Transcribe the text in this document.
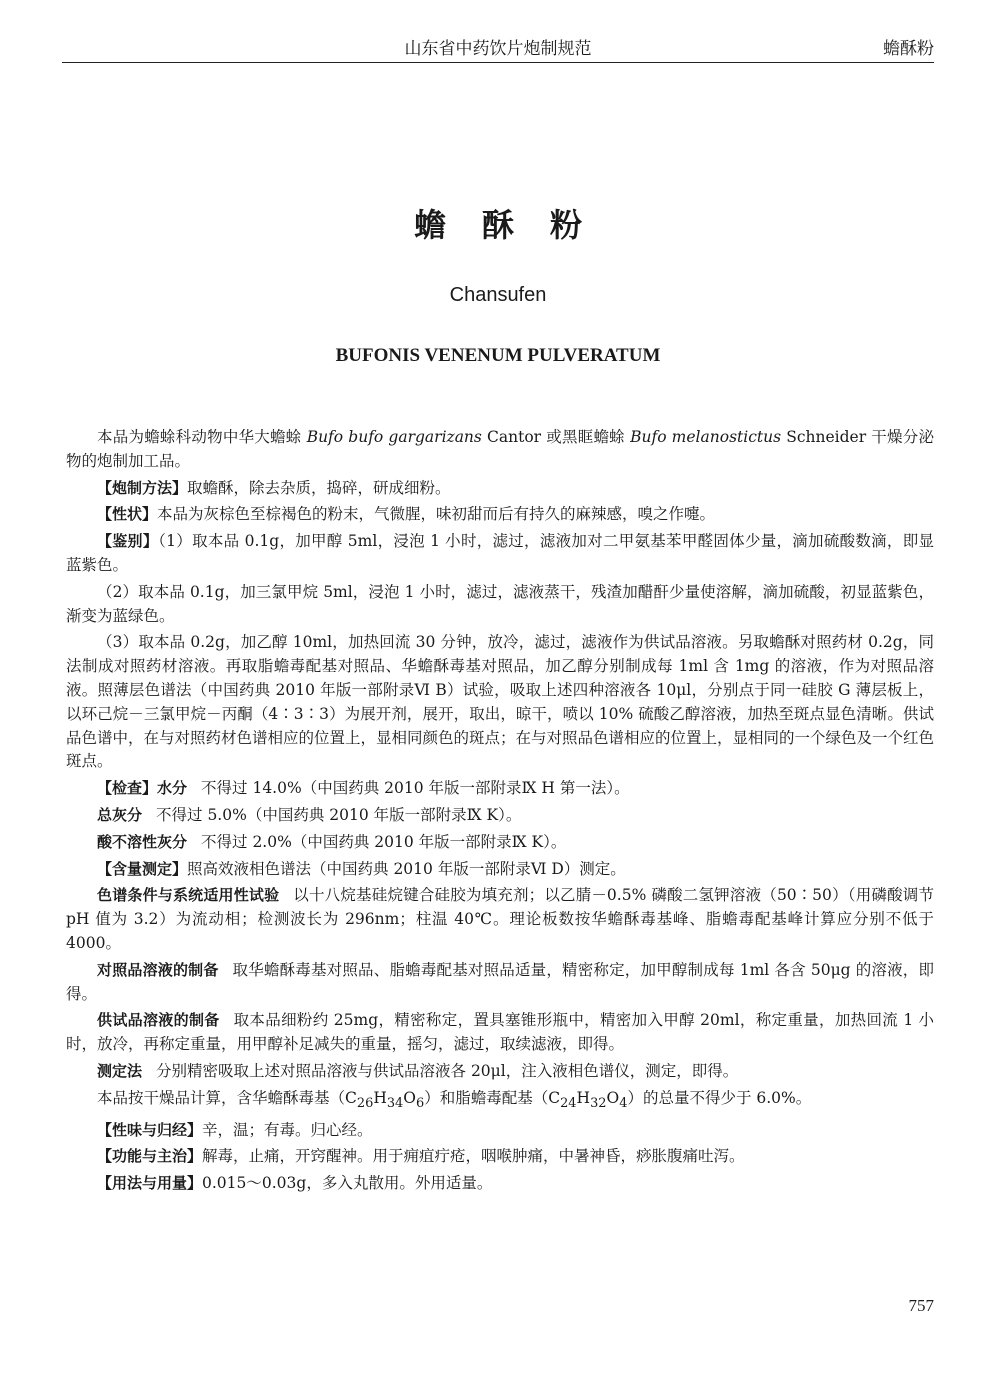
山东省中药饮片炮制规范	蟾酥粉
蟾酥粉
Chansufen
BUFONIS VENENUM PULVERATUM

本品为蟾蜍科动物中华大蟾蜍 Bufo bufo gargarizans Cantor 或黑眶蟾蜍 Bufo melanostictus Schneider 干燥分泌物的炮制加工品。

【炮制方法】取蟾酥，除去杂质，捣碎，研成细粉。

【性状】本品为灰棕色至棕褐色的粉末，气微腥，味初甜而后有持久的麻辣感，嗅之作嚏。

【鉴别】（1）取本品 0.1g，加甲醇 5ml，浸泡 1 小时，滤过，滤液加对二甲氨基苯甲醛固体少量，滴加硫酸数滴，即显蓝紫色。

（2）取本品 0.1g，加三氯甲烷 5ml，浸泡 1 小时，滤过，滤液蒸干，残渣加醋酐少量使溶解，滴加硫酸，初显蓝紫色，渐变为蓝绿色。

（3）取本品 0.2g，加乙醇 10ml，加热回流 30 分钟，放冷，滤过，滤液作为供试品溶液。另取蟾酥对照药材 0.2g，同法制成对照药材溶液。再取脂蟾毒配基对照品、华蟾酥毒基对照品，加乙醇分别制成每 1ml 含 1mg 的溶液，作为对照品溶液。照薄层色谱法（中国药典 2010 年版一部附录Ⅵ B）试验，吸取上述四种溶液各 10μl，分别点于同一硅胶 G 薄层板上，以环己烷－三氯甲烷－丙酮（4∶3∶3）为展开剂，展开，取出，晾干，喷以 10% 硫酸乙醇溶液，加热至斑点显色清晰。供试品色谱中，在与对照药材色谱相应的位置上，显相同颜色的斑点；在与对照品色谱相应的位置上，显相同的一个绿色及一个红色斑点。

【检查】水分 不得过 14.0%（中国药典 2010 年版一部附录Ⅸ H 第一法）。

总灰分 不得过 5.0%（中国药典 2010 年版一部附录Ⅸ K）。

酸不溶性灰分 不得过 2.0%（中国药典 2010 年版一部附录Ⅸ K）。

【含量测定】照高效液相色谱法（中国药典 2010 年版一部附录Ⅵ D）测定。

色谱条件与系统适用性试验 以十八烷基硅烷键合硅胶为填充剂；以乙腈－0.5% 磷酸二氢钾溶液（50∶50）（用磷酸调节 pH 值为 3.2）为流动相；检测波长为 296nm；柱温 40℃。理论板数按华蟾酥毒基峰、脂蟾毒配基峰计算应分别不低于 4000。

对照品溶液的制备 取华蟾酥毒基对照品、脂蟾毒配基对照品适量，精密称定，加甲醇制成每 1ml 各含 50μg 的溶液，即得。

供试品溶液的制备 取本品细粉约 25mg，精密称定，置具塞锥形瓶中，精密加入甲醇 20ml，称定重量，加热回流 1 小时，放冷，再称定重量，用甲醇补足减失的重量，摇匀，滤过，取续滤液，即得。

测定法 分别精密吸取上述对照品溶液与供试品溶液各 20μl，注入液相色谱仪，测定，即得。

本品按干燥品计算，含华蟾酥毒基$(C_{26}H_{34}O_6)$和脂蟾毒配基$(C_{24}H_{32}O_4)$的总量不得少于 6.0%。

【性味与归经】辛，温；有毒。归心经。

【功能与主治】解毒，止痛，开窍醒神。用于痈疽疔疮，咽喉肿痛，中暑神昏，痧胀腹痛吐泻。

【用法与用量】0.015～0.03g，多入丸散用。外用适量。

757
